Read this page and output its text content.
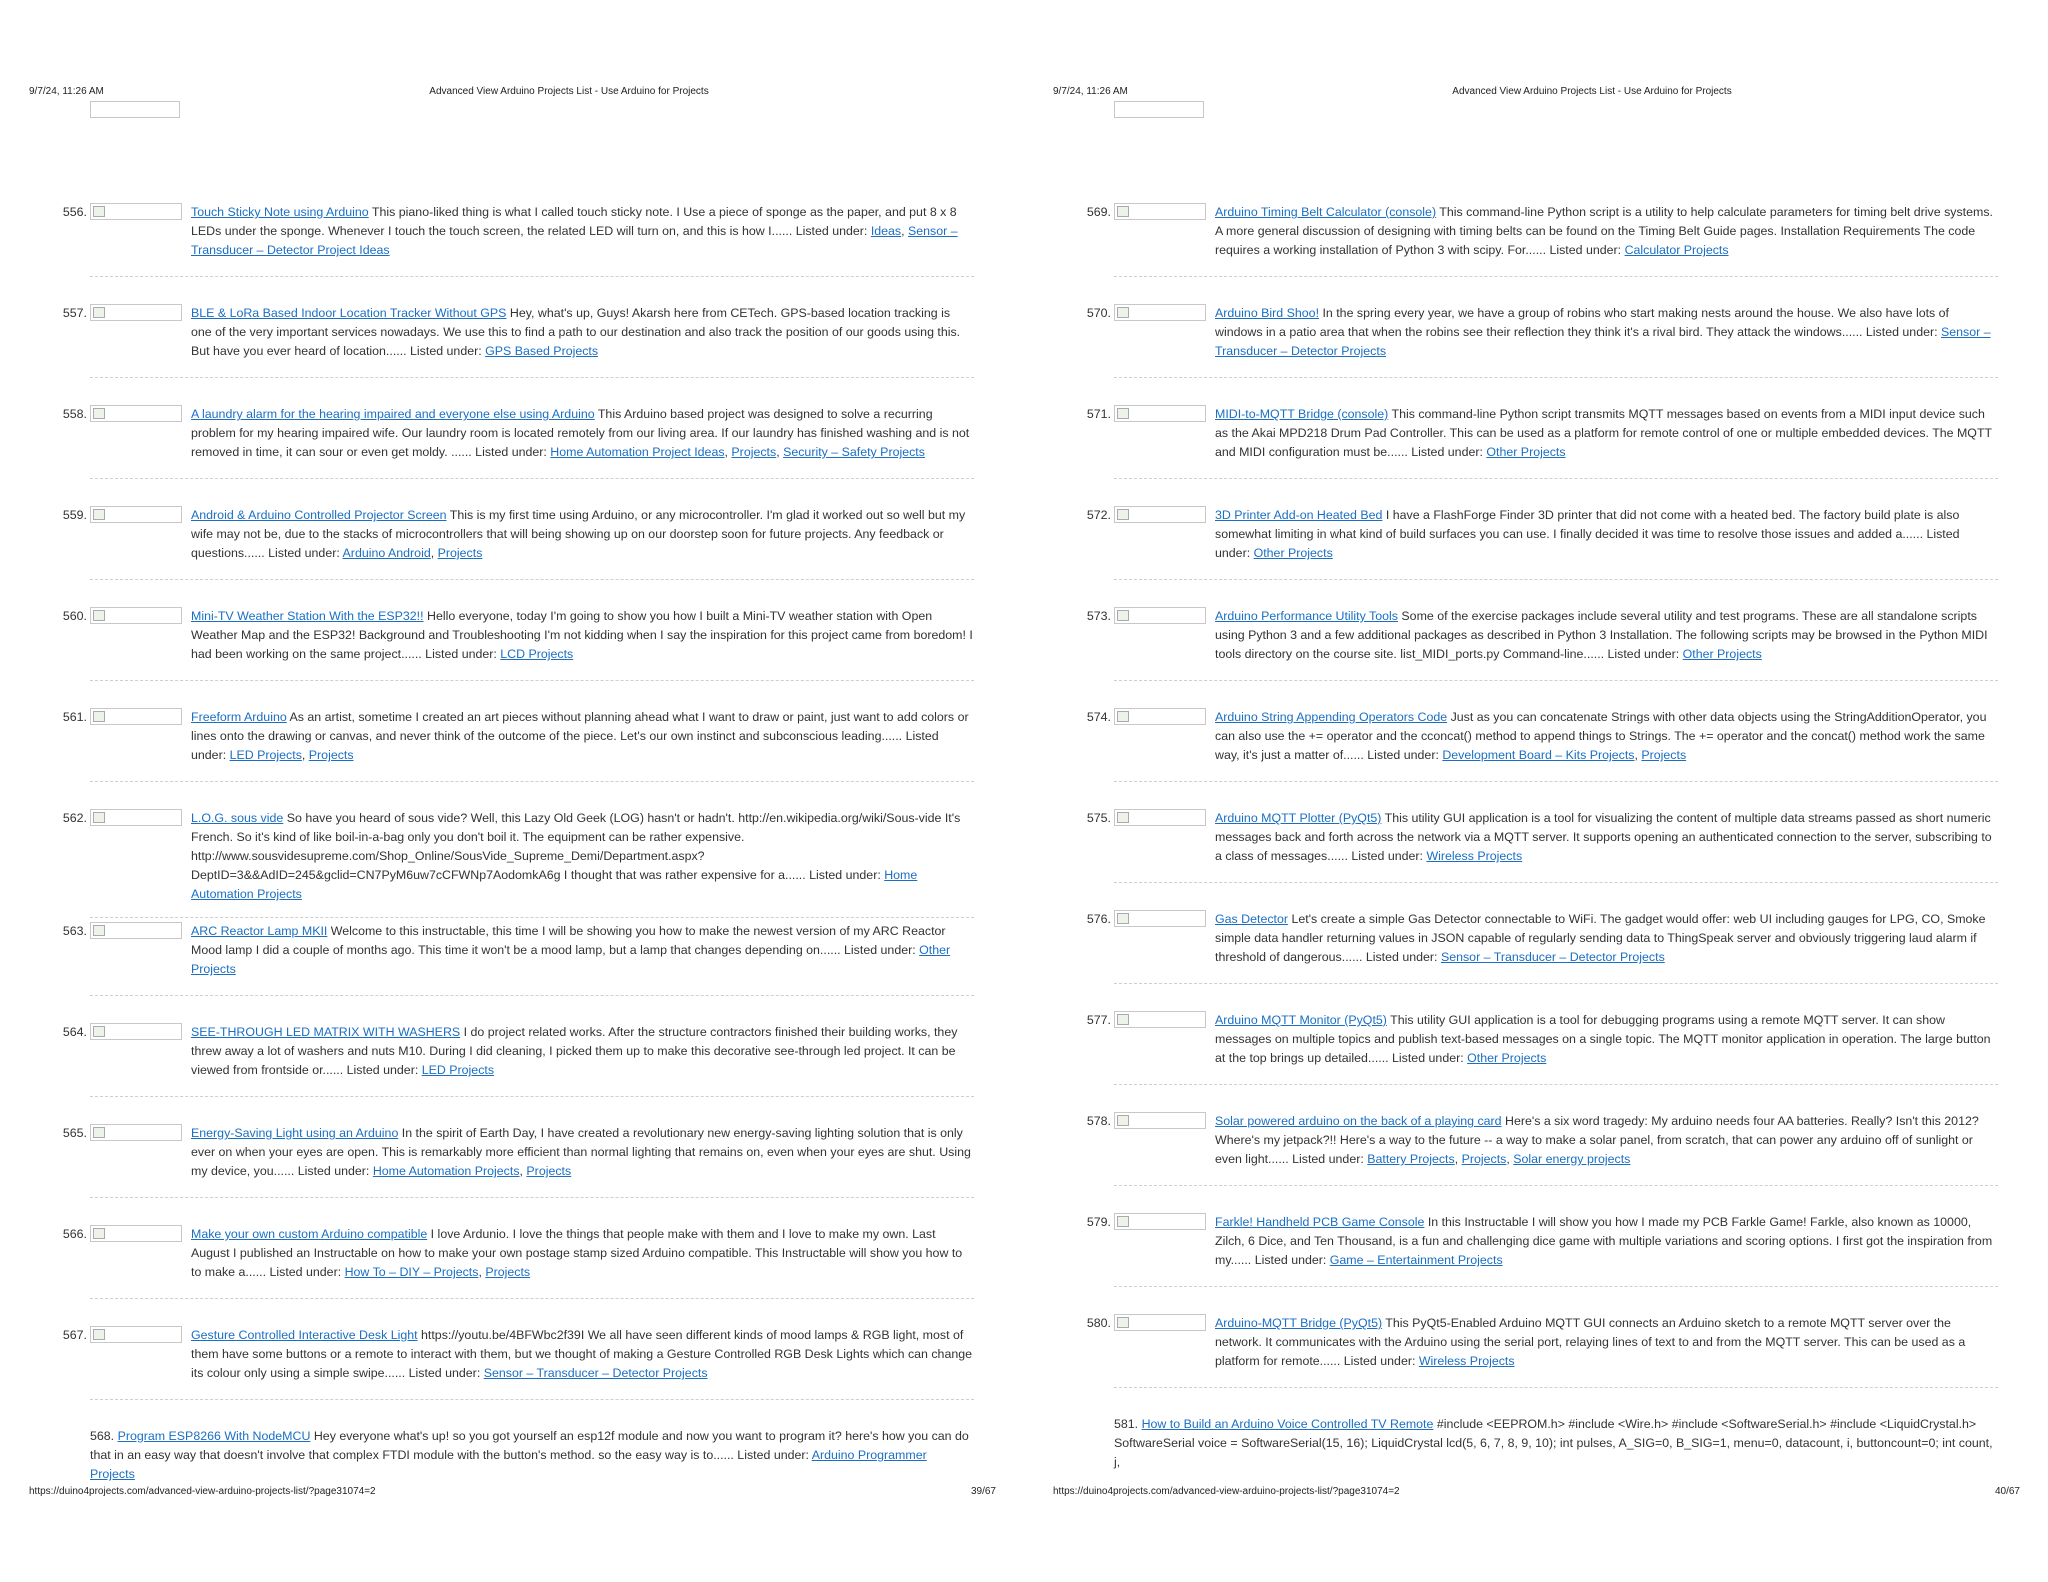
9/7/24, 11:26 AM	Advanced View Arduino Projects List - Use Arduino for Projects
556.	Touch Sticky Note using Arduino This piano-liked thing is what I called touch sticky note. I Use a piece of sponge as the paper, and put 8 x 8 LEDs under the sponge. Whenever I touch the touch screen, the related LED will turn on, and this is how I...... Listed under: Ideas, Sensor – Transducer – Detector Project Ideas
557.	BLE & LoRa Based Indoor Location Tracker Without GPS Hey, what's up, Guys! Akarsh here from CETech. GPS-based location tracking is one of the very important services nowadays. We use this to find a path to our destination and also track the position of our goods using this. But have you ever heard of location...... Listed under: GPS Based Projects
558.	A laundry alarm for the hearing impaired and everyone else using Arduino This Arduino based project was designed to solve a recurring problem for my hearing impaired wife. Our laundry room is located remotely from our living area. If our laundry has finished washing and is not removed in time, it can sour or even get moldy. ...... Listed under: Home Automation Project Ideas, Projects, Security – Safety Projects
559.	Android & Arduino Controlled Projector Screen This is my first time using Arduino, or any microcontroller. I'm glad it worked out so well but my wife may not be, due to the stacks of microcontrollers that will being showing up on our doorstep soon for future projects. Any feedback or questions...... Listed under: Arduino Android, Projects
560.	Mini-TV Weather Station With the ESP32!! Hello everyone, today I'm going to show you how I built a Mini-TV weather station with Open Weather Map and the ESP32! Background and Troubleshooting I'm not kidding when I say the inspiration for this project came from boredom! I had been working on the same project...... Listed under: LCD Projects
561.	Freeform Arduino As an artist, sometime I created an art pieces without planning ahead what I want to draw or paint, just want to add colors or lines onto the drawing or canvas, and never think of the outcome of the piece. Let's our own instinct and subconscious leading...... Listed under: LED Projects, Projects
562.	L.O.G. sous vide So have you heard of sous vide? Well, this Lazy Old Geek (LOG) hasn't or hadn't. http://en.wikipedia.org/wiki/Sous-vide It's French. So it's kind of like boil-in-a-bag only you don't boil it. The equipment can be rather expensive. http://www.sousvidesupreme.com/Shop_Online/SousVide_Supreme_Demi/Department.aspx?DeptID=3&&AdID=245&gclid=CN7PyM6uw7cCFWNp7AodomkA6g I thought that was rather expensive for a...... Listed under: Home Automation Projects
563.	ARC Reactor Lamp MKII Welcome to this instructable, this time I will be showing you how to make the newest version of my ARC Reactor Mood lamp I did a couple of months ago. This time it won't be a mood lamp, but a lamp that changes depending on...... Listed under: Other Projects
564.	SEE-THROUGH LED MATRIX WITH WASHERS I do project related works. After the structure contractors finished their building works, they threw away a lot of washers and nuts M10. During I did cleaning, I picked them up to make this decorative see-through led project. It can be viewed from frontside or...... Listed under: LED Projects
565.	Energy-Saving Light using an Arduino In the spirit of Earth Day, I have created a revolutionary new energy-saving lighting solution that is only ever on when your eyes are open. This is remarkably more efficient than normal lighting that remains on, even when your eyes are shut. Using my device, you...... Listed under: Home Automation Projects, Projects
566.	Make your own custom Arduino compatible I love Ardunio. I love the things that people make with them and I love to make my own. Last August I published an Instructable on how to make your own postage stamp sized Arduino compatible. This Instructable will show you how to to make a...... Listed under: How To – DIY – Projects, Projects
567.	Gesture Controlled Interactive Desk Light https://youtu.be/4BFWbc2f39I We all have seen different kinds of mood lamps & RGB light, most of them have some buttons or a remote to interact with them, but we thought of making a Gesture Controlled RGB Desk Lights which can change its colour only using a simple swipe...... Listed under: Sensor – Transducer – Detector Projects
568. Program ESP8266 With NodeMCU Hey everyone what's up! so you got yourself an esp12f module and now you want to program it? here's how you can do that in an easy way that doesn't involve that complex FTDI module with the button's method. so the easy way is to...... Listed under: Arduino Programmer Projects
https://duino4projects.com/advanced-view-arduino-projects-list/?page31074=2	39/67
9/7/24, 11:26 AM	Advanced View Arduino Projects List - Use Arduino for Projects
569.	Arduino Timing Belt Calculator (console) This command-line Python script is a utility to help calculate parameters for timing belt drive systems. A more general discussion of designing with timing belts can be found on the Timing Belt Guide pages. Installation Requirements The code requires a working installation of Python 3 with scipy. For...... Listed under: Calculator Projects
570.	Arduino Bird Shoo! In the spring every year, we have a group of robins who start making nests around the house. We also have lots of windows in a patio area that when the robins see their reflection they think it's a rival bird. They attack the windows...... Listed under: Sensor – Transducer – Detector Projects
571.	MIDI-to-MQTT Bridge (console) This command-line Python script transmits MQTT messages based on events from a MIDI input device such as the Akai MPD218 Drum Pad Controller. This can be used as a platform for remote control of one or multiple embedded devices. The MQTT and MIDI configuration must be...... Listed under: Other Projects
572.	3D Printer Add-on Heated Bed I have a FlashForge Finder 3D printer that did not come with a heated bed. The factory build plate is also somewhat limiting in what kind of build surfaces you can use. I finally decided it was time to resolve those issues and added a...... Listed under: Other Projects
573.	Arduino Performance Utility Tools Some of the exercise packages include several utility and test programs. These are all standalone scripts using Python 3 and a few additional packages as described in Python 3 Installation. The following scripts may be browsed in the Python MIDI tools directory on the course site. list_MIDI_ports.py Command-line...... Listed under: Other Projects
574.	Arduino String Appending Operators Code Just as you can concatenate Strings with other data objects using the StringAdditionOperator, you can also use the += operator and the cconcat() method to append things to Strings. The += operator and the concat() method work the same way, it's just a matter of...... Listed under: Development Board – Kits Projects, Projects
575.	Arduino MQTT Plotter (PyQt5) This utility GUI application is a tool for visualizing the content of multiple data streams passed as short numeric messages back and forth across the network via a MQTT server. It supports opening an authenticated connection to the server, subscribing to a class of messages...... Listed under: Wireless Projects
576.	Gas Detector Let's create a simple Gas Detector connectable to WiFi. The gadget would offer: web UI including gauges for LPG, CO, Smoke simple data handler returning values in JSON capable of regularly sending data to ThingSpeak server and obviously triggering laud alarm if threshold of dangerous...... Listed under: Sensor – Transducer – Detector Projects
577.	Arduino MQTT Monitor (PyQt5) This utility GUI application is a tool for debugging programs using a remote MQTT server. It can show messages on multiple topics and publish text-based messages on a single topic. The MQTT monitor application in operation. The large button at the top brings up detailed...... Listed under: Other Projects
578.	Solar powered arduino on the back of a playing card Here's a six word tragedy: My arduino needs four AA batteries. Really? Isn't this 2012? Where's my jetpack?!! Here's a way to the future -- a way to make a solar panel, from scratch, that can power any arduino off of sunlight or even light...... Listed under: Battery Projects, Projects, Solar energy projects
579.	Farkle! Handheld PCB Game Console In this Instructable I will show you how I made my PCB Farkle Game! Farkle, also known as 10000, Zilch, 6 Dice, and Ten Thousand, is a fun and challenging dice game with multiple variations and scoring options. I first got the inspiration from my...... Listed under: Game – Entertainment Projects
580.	Arduino-MQTT Bridge (PyQt5) This PyQt5-Enabled Arduino MQTT GUI connects an Arduino sketch to a remote MQTT server over the network. It communicates with the Arduino using the serial port, relaying lines of text to and from the MQTT server. This can be used as a platform for remote...... Listed under: Wireless Projects
581. How to Build an Arduino Voice Controlled TV Remote #include <EEPROM.h> #include <Wire.h> #include <SoftwareSerial.h> #include <LiquidCrystal.h> SoftwareSerial voice = SoftwareSerial(15, 16); LiquidCrystal lcd(5, 6, 7, 8, 9, 10); int pulses, A_SIG=0, B_SIG=1, menu=0, datacount, i, buttoncount=0; int count, j,
https://duino4projects.com/advanced-view-arduino-projects-list/?page31074=2	40/67
